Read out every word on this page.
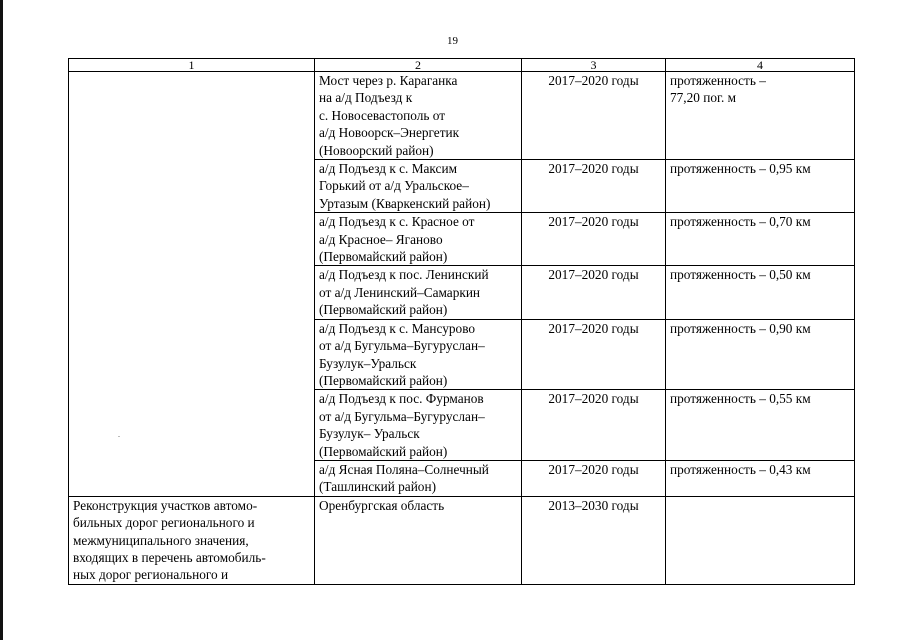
19
1	2	3	4

	Мост через р. Караганка
на а/д Подъезд к
с. Новосевастополь от
а/д Новоорск–Энергетик
(Новоорский район)	2017–2020 годы	протяженность –
77,20 пог. м

	а/д Подъезд к с. Максим
Горький от а/д Уральское–
Уртазым (Кваркенский район)	2017–2020 годы	протяженность – 0,95 км

	а/д Подъезд к с. Красное от
а/д Красное– Яганово
(Первомайский район)	2017–2020 годы	протяженность – 0,70 км

	а/д Подъезд к пос. Ленинский
от а/д Ленинский–Самаркин
(Первомайский район)	2017–2020 годы	протяженность – 0,50 км

	а/д Подъезд к с. Мансурово
от а/д Бугульма–Бугуруслан–
Бузулук–Уральск
(Первомайский район)	2017–2020 годы	протяженность – 0,90 км

	а/д Подъезд к пос. Фурманов
от а/д Бугульма–Бугуруслан–
Бузулук– Уральск
(Первомайский район)	2017–2020 годы	протяженность – 0,55 км

	а/д Ясная Поляна–Солнечный
(Ташлинский район)	2017–2020 годы	протяженность – 0,43 км

Реконструкция участков автомо-
бильных дорог регионального и
межмуниципального значения,
входящих в перечень автомобиль-
ных дорог регионального и	Оренбургская область	2013–2030 годы	
